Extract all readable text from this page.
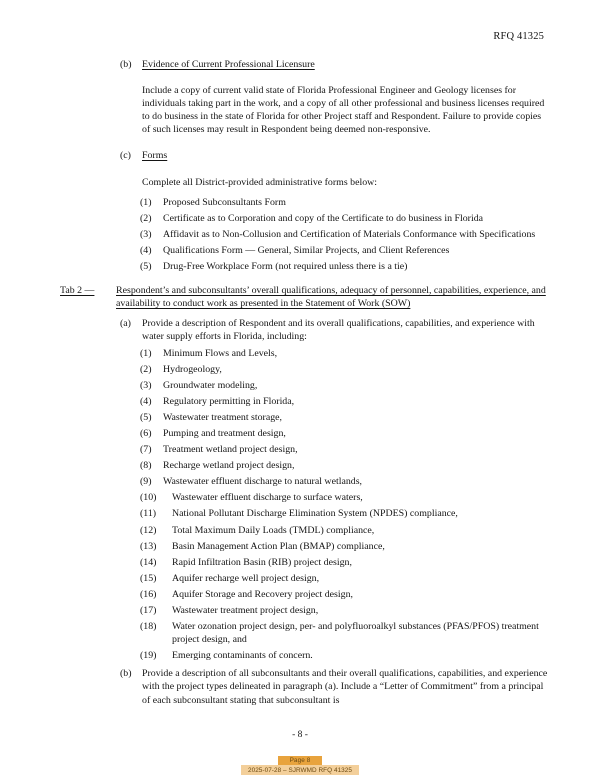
RFQ 41325
(b)	Evidence of Current Professional Licensure
Include a copy of current valid state of Florida Professional Engineer and Geology licenses for individuals taking part in the work, and a copy of all other professional and business licenses required to do business in the state of Florida for other Project staff and Respondent. Failure to provide copies of such licenses may result in Respondent being deemed non-responsive.
(c)	Forms
Complete all District-provided administrative forms below:
(1)	Proposed Subconsultants Form
(2)	Certificate as to Corporation and copy of the Certificate to do business in Florida
(3)	Affidavit as to Non-Collusion and Certification of Materials Conformance with Specifications
(4)	Qualifications Form — General, Similar Projects, and Client References
(5)	Drug-Free Workplace Form (not required unless there is a tie)
Tab 2 —	Respondent’s and subconsultants’ overall qualifications, adequacy of personnel, capabilities, experience, and availability to conduct work as presented in the Statement of Work (SOW)
(a)	Provide a description of Respondent and its overall qualifications, capabilities, and experience with water supply efforts in Florida, including:
(1)	Minimum Flows and Levels,
(2)	Hydrogeology,
(3)	Groundwater modeling,
(4)	Regulatory permitting in Florida,
(5)	Wastewater treatment storage,
(6)	Pumping and treatment design,
(7)	Treatment wetland project design,
(8)	Recharge wetland project design,
(9)	Wastewater effluent discharge to natural wetlands,
(10)	Wastewater effluent discharge to surface waters,
(11)	National Pollutant Discharge Elimination System (NPDES) compliance,
(12)	Total Maximum Daily Loads (TMDL) compliance,
(13)	Basin Management Action Plan (BMAP) compliance,
(14)	Rapid Infiltration Basin (RIB) project design,
(15)	Aquifer recharge well project design,
(16)	Aquifer Storage and Recovery project design,
(17)	Wastewater treatment project design,
(18)	Water ozonation project design, per- and polyfluoroalkyl substances (PFAS/PFOS) treatment project design, and
(19)	Emerging contaminants of concern.
(b)	Provide a description of all subconsultants and their overall qualifications, capabilities, and experience with the project types delineated in paragraph (a). Include a “Letter of Commitment” from a principal of each subconsultant stating that subconsultant is
- 8 -
Page 8
2025-07-28 – SJRWMD RFQ 41325
